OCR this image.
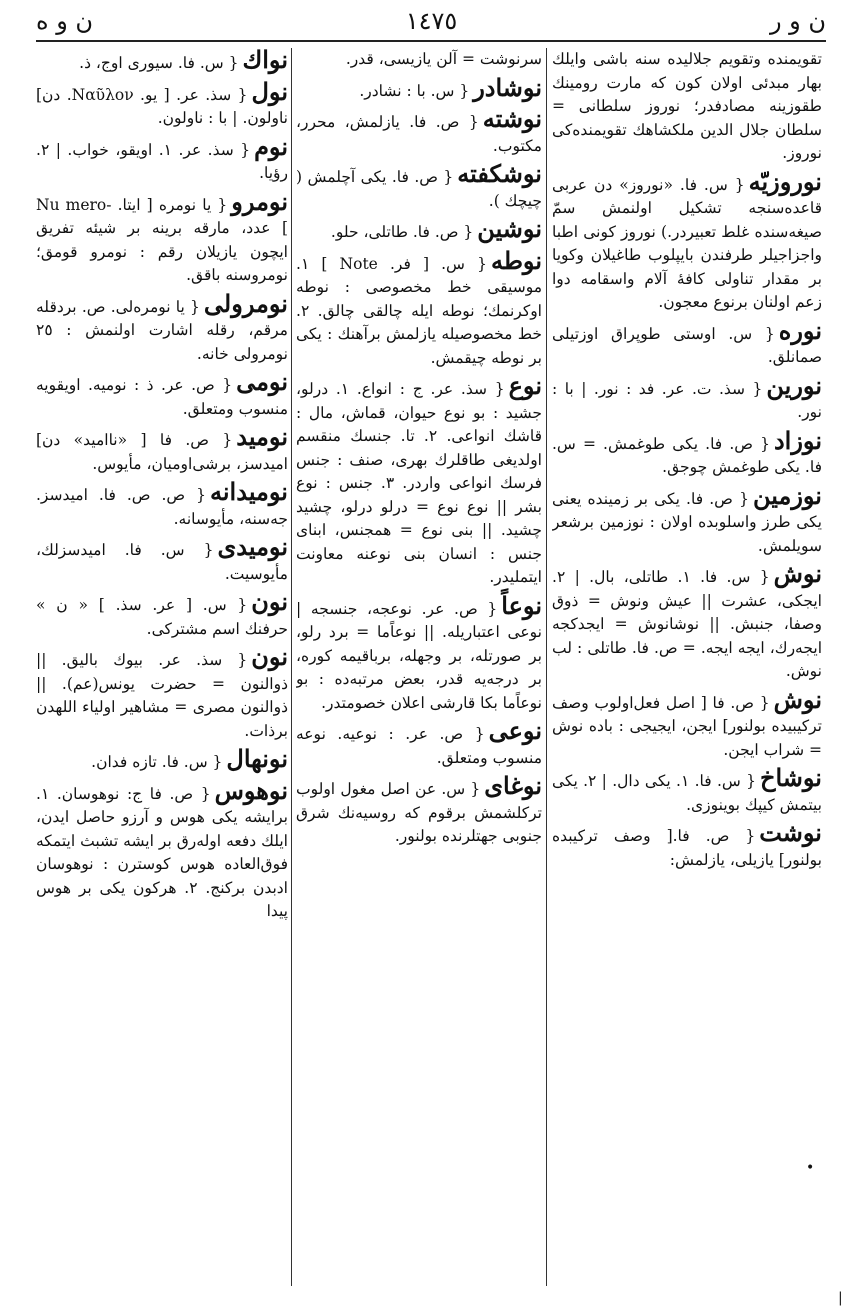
ن و ر
١٤٧٥
ن و ه
تقویمنده وتقویم جلالیده سنه باشی وایلك بهار مبدئی اولان کون که مارت رومینك طقوزینه مصادفدر؛ نوروز سلطانی = سلطان جلال الدین ملکشاهك تقویمنده‌کی نوروز.
نوروزیّه{ س. فا. «نوروز» دن عربی قاعده‌سنجه تشکیل اولنمش سمّ صیغه‌سنده غلط تعبیردر.) نوروز کونی اطبا واجزاجیلر طرفندن بایپلوب طاغیلان وکویا بر مقدار تناولی کافهٔ آلام واسقامه دوا زعم اولنان برنوع معجون.
نوره{ س. اوستی طوپراق اوزتیلی صمانلق.
نورین{ سذ. ت. عر. فد : نور. | با : نور.
نوزاد{ ص. فا. یکی طوغمش. = س. فا. یکی طوغمش چوجق.
نوزمین{ ص. فا. یکی بر زمینده یعنی یکی طرز واسلوبده اولان : نوزمین برشعر سویلمش.
نوش{ س. فا. ١. طاتلی، بال. | ٢. ایجکی، عشرت || عیش ونوش = ذوق وصفا، جنبش. || نوشانوش = ایجدکجه ایجه‌رك، ایجه ایجه. = ص. فا. طاتلی : لب نوش.
نوش{ ص. فا [ اصل فعل‌اولوب وصف ترکیبیده بولنور] ایجن، ایجیجی : باده نوش = شراب ایجن.
نوشاخ{ س. فا. ١. یکی دال. | ٢. یکی بیتمش کیپك بوینوزی.
نوشت{ ص. فا.[ وصف ترکیبده بولنور] یازیلی، یازلمش:
سرنوشت = آلن یازیسی، قدر.
نوشادر{ س. با : نشادر.
نوشته{ ص. فا. یازلمش، محرر، مکتوب.
نوشکفته{ ص. فا. یکی آچلمش ( چیچك ).
نوشین{ ص. فا. طاتلی، حلو.
نوطه{ س. [ فر. Note ] ١. موسیقی خط مخصوصی : نوطه اوکرنمك؛ نوطه ایله چالقی چالق. ٢. خط مخصوصیله یازلمش برآهنك : یکی بر نوطه چیقمش.
نوع{ سذ. عر. ج : انواع. ١. درلو، جشید : بو نوع حیوان، قماش، مال : قاشك انواعی. ٢. تا. جنسك منقسم اولدیغی طاقلرك بهری، صنف : جنس فرسك انواعی واردر. ٣. جنس : نوع بشر || نوع نوع = درلو درلو، چشید چشید. || بنی نوع = همجنس، ابنای جنس : انسان بنی نوعنه معاونت ایتملیدر.
نوعاً{ ص. عر. نوعجه، جنسجه | نوعی اعتباریله. || نوعاًما = برد رلو، بر صورتله، بر وجهله، برباقیمه کوره، بر درجه‌یه قدر، بعض مرتبه‌ده : بو نوعاًما بکا قارشی اعلان خصومتدر.
نوعی{ ص. عر. : نوعیه. نوعه منسوب ومتعلق.
نوغای{ س. عن اصل مغول اولوب ترکلشمش برقوم که روسیه‌نك شرق جنوبی جهتلرنده بولنور.
نواك{ س. فا. سیوری اوج، ذ.
نول{ سذ. عر. [ یو. Ναῦλον. دن] ناولون. | با : ناولون.
نوم{ سذ. عر. ١. اویقو، خواب. | ٢. رؤیا.
نومرو{ یا نومره [ ایتا. -Nu mero ] عدد، مارقه برینه بر شیئه تفریق ایچون یازیلان رقم : نومرو قومق؛ نومروسنه باقق.
نومرولی{ یا نومره‌لی. ص. بردقله مرقم، رقله اشارت اولنمش : ٢٥ نومرولی خانه.
نومی{ ص. عر. ذ : نومیه. اویقویه منسوب ومتعلق.
نومید{ ص. فا [ «ناامید» دن] امیدسز، برشی‌اومیان، مأیوس.
نومیدانه{ ص. ص. فا. امیدسز. جه‌سنه، مأیوسانه.
نومیدی{ س. فا. امیدسزلك، مأیوسیت.
نون{ س. [ عر. سذ. ] « ن » حرفنك اسم مشترکی.
نون{ سذ. عر. بیوك بالیق. || ذوالنون = حضرت یونس(عم). || ذوالنون مصری = مشاهیر اولیاء اللهدن برذات.
نونهال{ س. فا. تازه فدان.
نوهوس{ ص. فا ج: نوهوسان. ١. برایشه یکی هوس و آرزو حاصل ایدن، ایلك دفعه اوله‌رق بر ایشه تشبث ایتمکه فوق‌العاده هوس کوسترن : نوهوسان ادبدن برکنج. ٢. هرکون یکی بر هوس پیدا
•
|
